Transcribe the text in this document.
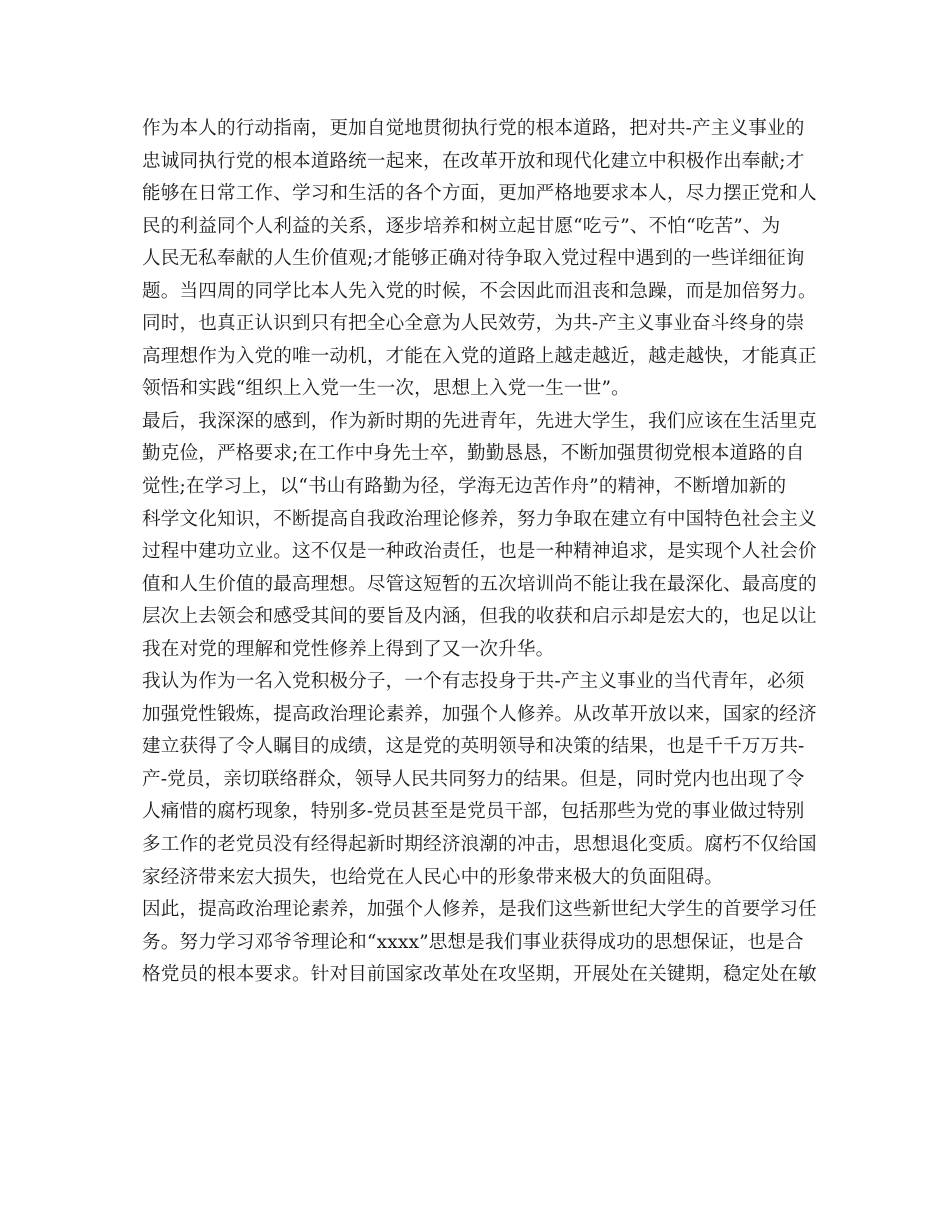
作为本人的行动指南，更加自觉地贯彻执行党的根本道路，把对共-产主义事业的
忠诚同执行党的根本道路统一起来，在改革开放和现代化建立中积极作出奉献;才
能够在日常工作、学习和生活的各个方面，更加严格地要求本人，尽力摆正党和人
民的利益同个人利益的关系，逐步培养和树立起甘愿“吃亏”、不怕“吃苦”、为
人民无私奉献的人生价值观;才能够正确对待争取入党过程中遇到的一些详细征询
题。当四周的同学比本人先入党的时候，不会因此而沮丧和急躁，而是加倍努力。
同时，也真正认识到只有把全心全意为人民效劳，为共-产主义事业奋斗终身的崇
高理想作为入党的唯一动机，才能在入党的道路上越走越近，越走越快，才能真正
领悟和实践“组织上入党一生一次，思想上入党一生一世”。
最后，我深深的感到，作为新时期的先进青年，先进大学生，我们应该在生活里克
勤克俭，严格要求;在工作中身先士卒，勤勤恳恳，不断加强贯彻党根本道路的自
觉性;在学习上，以“书山有路勤为径，学海无边苦作舟”的精神，不断增加新的
科学文化知识，不断提高自我政治理论修养，努力争取在建立有中国特色社会主义
过程中建功立业。这不仅是一种政治责任，也是一种精神追求，是实现个人社会价
值和人生价值的最高理想。尽管这短暂的五次培训尚不能让我在最深化、最高度的
层次上去领会和感受其间的要旨及内涵，但我的收获和启示却是宏大的，也足以让
我在对党的理解和党性修养上得到了又一次升华。
我认为作为一名入党积极分子，一个有志投身于共-产主义事业的当代青年，必须
加强党性锻炼，提高政治理论素养，加强个人修养。从改革开放以来，国家的经济
建立获得了令人瞩目的成绩，这是党的英明领导和决策的结果，也是千千万万共-
产-党员，亲切联络群众，领导人民共同努力的结果。但是，同时党内也出现了令
人痛惜的腐朽现象，特别多-党员甚至是党员干部，包括那些为党的事业做过特别
多工作的老党员没有经得起新时期经济浪潮的冲击，思想退化变质。腐朽不仅给国
家经济带来宏大损失，也给党在人民心中的形象带来极大的负面阻碍。
因此，提高政治理论素养，加强个人修养，是我们这些新世纪大学生的首要学习任
务。努力学习邓爷爷理论和“xxxx”思想是我们事业获得成功的思想保证，也是合
格党员的根本要求。针对目前国家改革处在攻坚期，开展处在关键期，稳定处在敏
